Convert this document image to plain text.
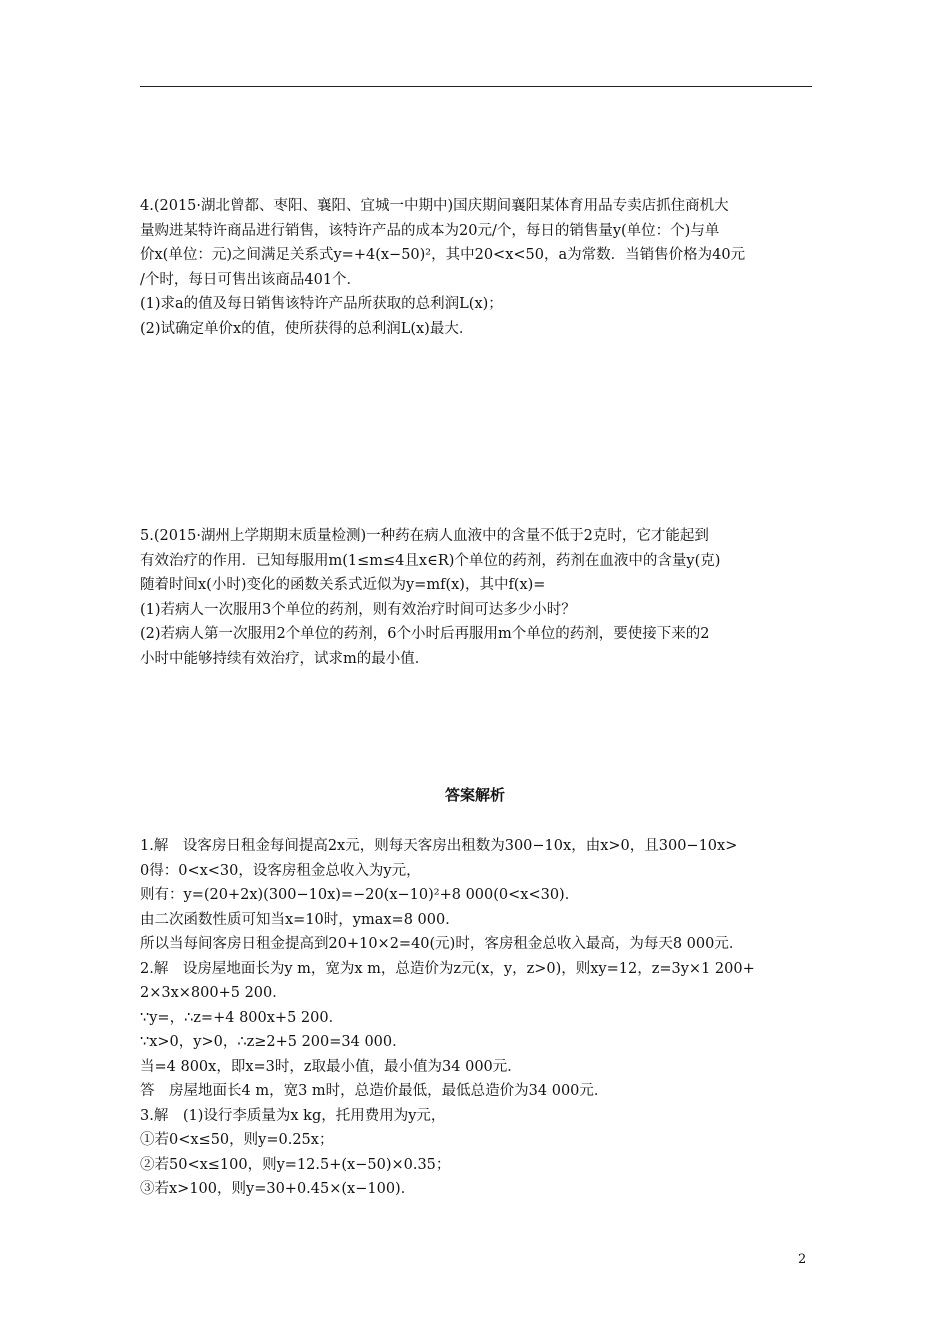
4.(2015·湖北曾都、枣阳、襄阳、宜城一中期中)国庆期间襄阳某体育用品专卖店抓住商机大

量购进某特许商品进行销售，该特许产品的成本为20元/个，每日的销售量y(单位：个)与单

价x(单位：元)之间满足关系式y=+4(x−50)²，其中20<x<50，a为常数．当销售价格为40元

/个时，每日可售出该商品401个．

(1)求a的值及每日销售该特许产品所获取的总利润L(x)；

(2)试确定单价x的值，使所获得的总利润L(x)最大．

5.(2015·湖州上学期期末质量检测)一种药在病人血液中的含量不低于2克时，它才能起到

有效治疗的作用．已知每服用m(1≤m≤4且x∈R)个单位的药剂，药剂在血液中的含量y(克)

随着时间x(小时)变化的函数关系式近似为y=mf(x)，其中f(x)=

(1)若病人一次服用3个单位的药剂，则有效治疗时间可达多少小时？

(2)若病人第一次服用2个单位的药剂，6个小时后再服用m个单位的药剂，要使接下来的2

小时中能够持续有效治疗，试求m的最小值．

答案解析

1.解　设客房日租金每间提高2x元，则每天客房出租数为300−10x，由x>0，且300−10x>

0得：0<x<30，设客房租金总收入为y元，

则有：y=(20+2x)(300−10x)=−20(x−10)²+8 000(0<x<30)．

由二次函数性质可知当x=10时，ymax=8 000．

所以当每间客房日租金提高到20+10×2=40(元)时，客房租金总收入最高，为每天8 000元．

2.解　设房屋地面长为y m，宽为x m，总造价为z元(x，y，z>0)，则xy=12，z=3y×1 200+

2×3x×800+5 200．

∵y=，∴z=+4 800x+5 200．

∵x>0，y>0，∴z≥2+5 200=34 000．

当=4 800x，即x=3时，z取最小值，最小值为34 000元．

答　房屋地面长4 m，宽3 m时，总造价最低，最低总造价为34 000元．

3.解　(1)设行李质量为x kg，托用费用为y元，

①若0<x≤50，则y=0.25x；

②若50<x≤100，则y=12.5+(x−50)×0.35；

③若x>100，则y=30+0.45×(x−100)．

2
